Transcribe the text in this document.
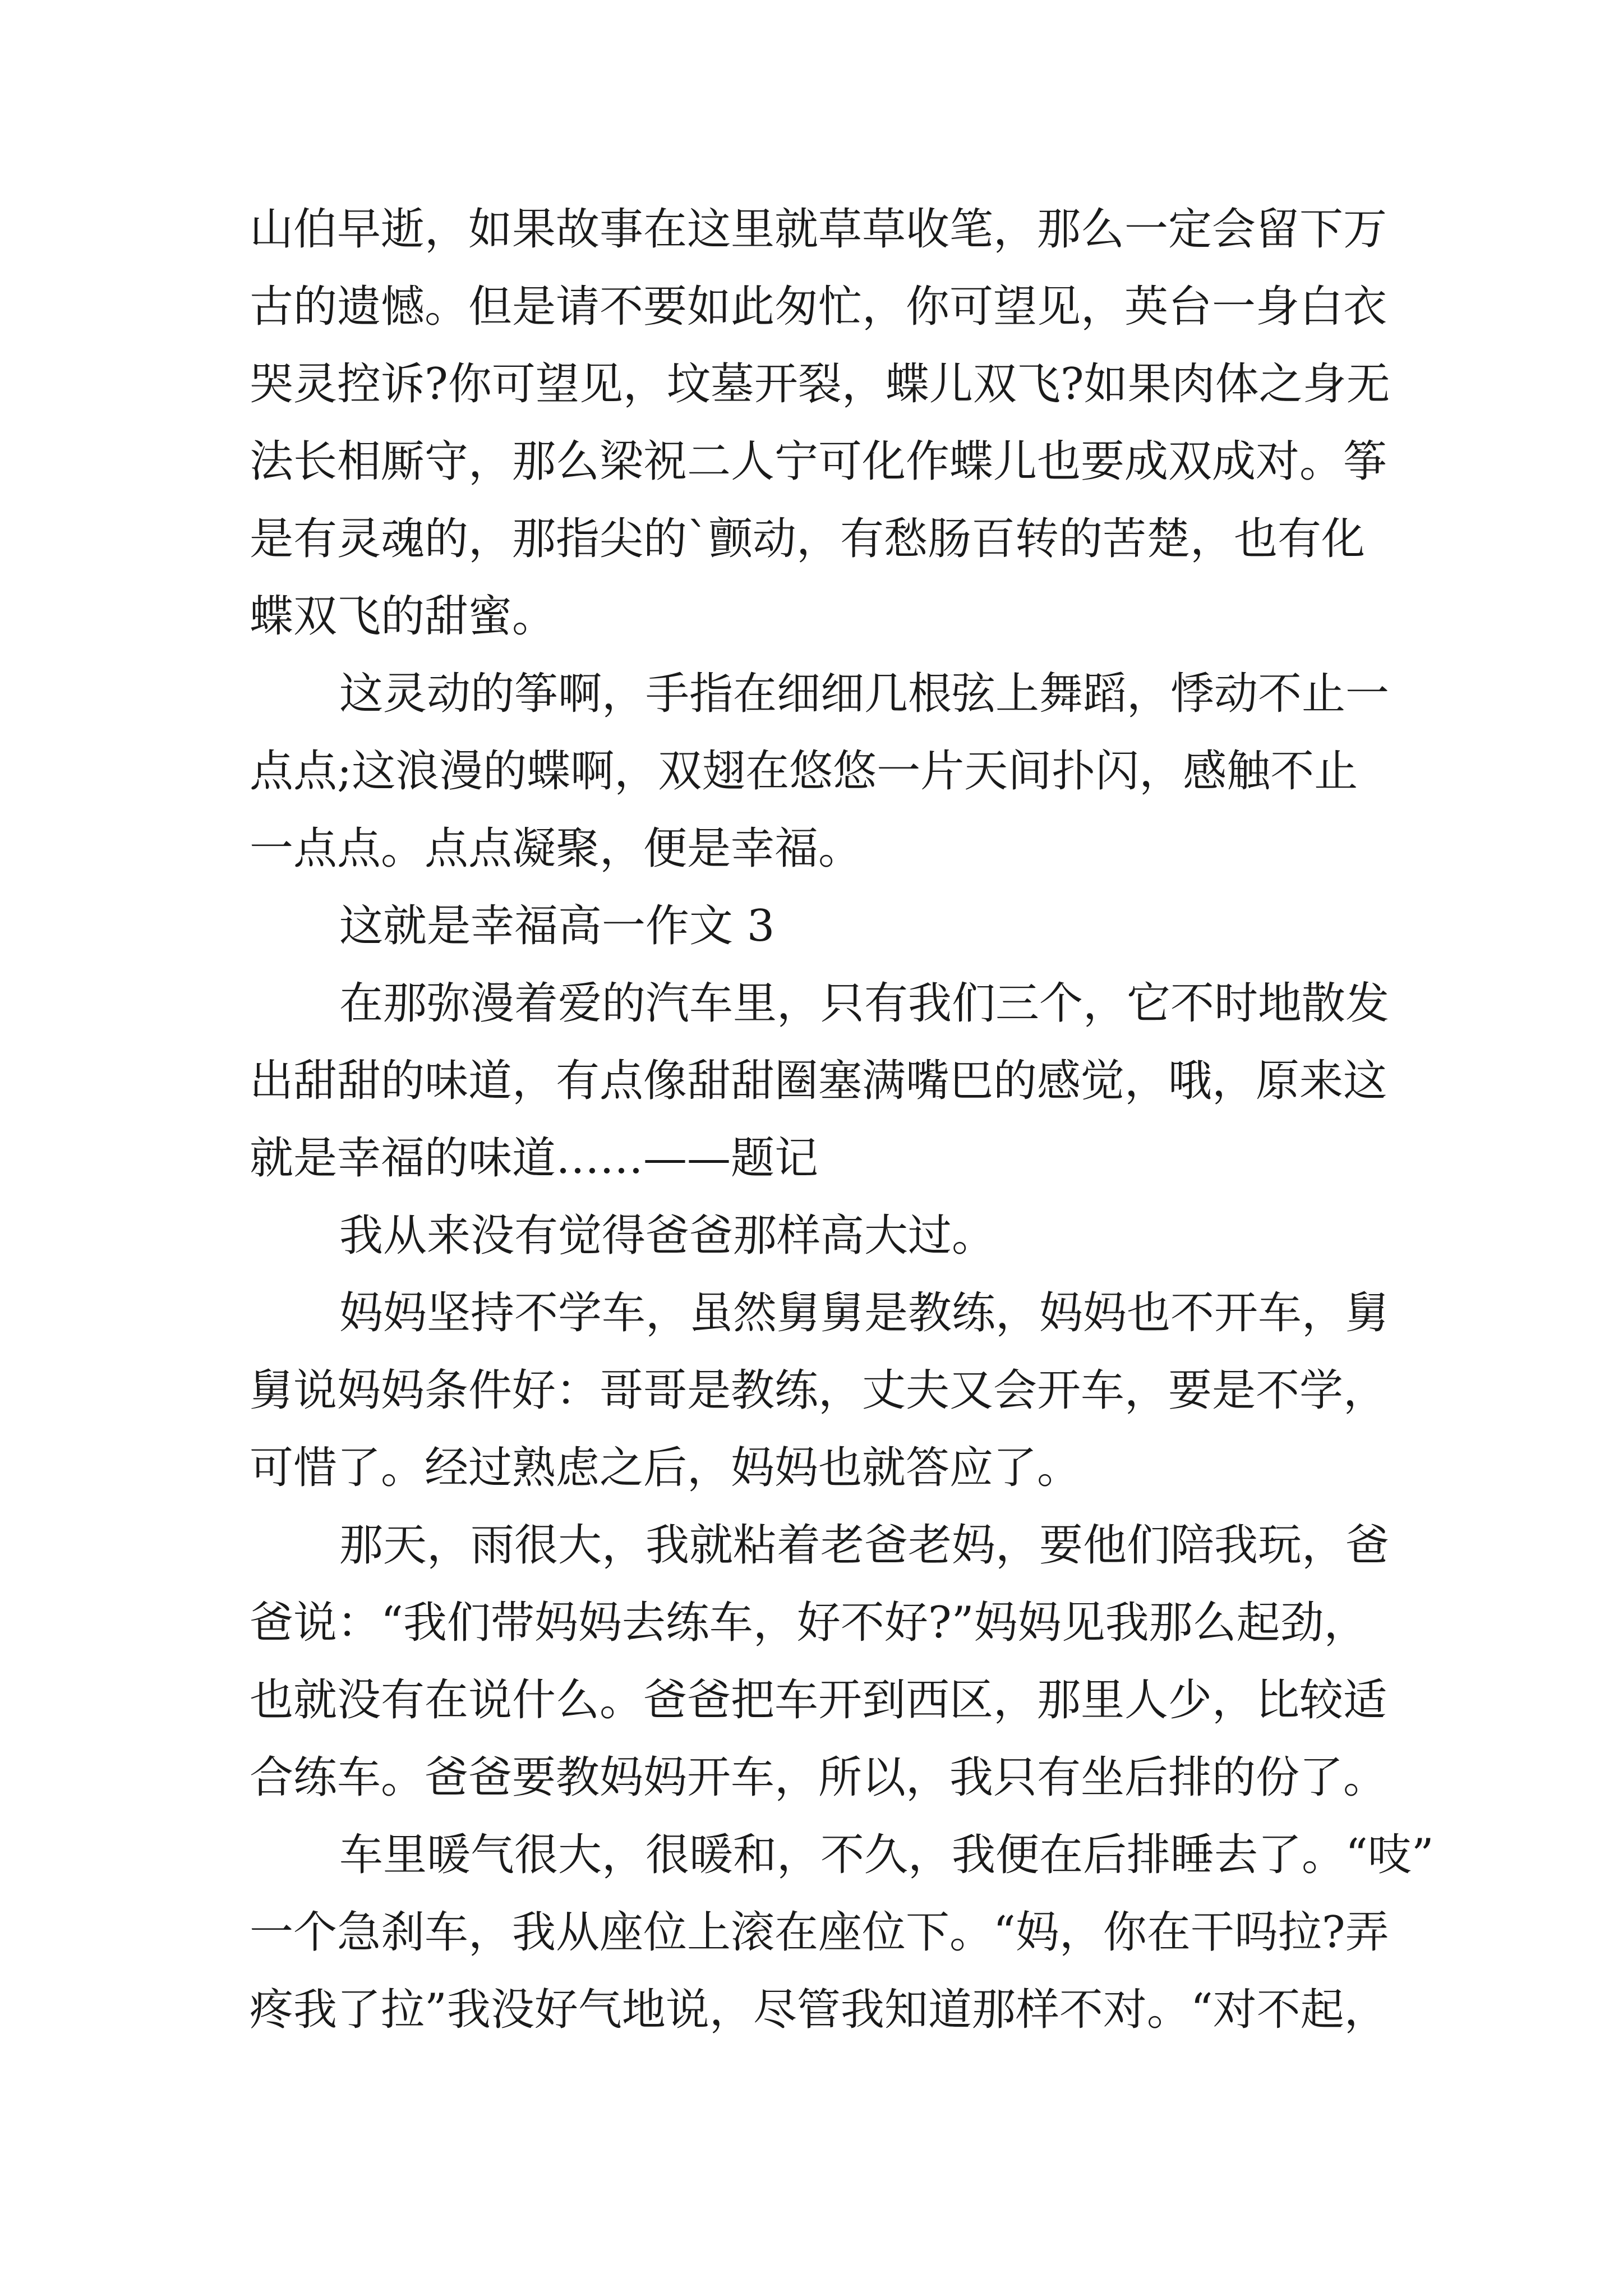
山伯早逝，如果故事在这里就草草收笔，那么一定会留下万
古的遗憾。但是请不要如此匆忙，你可望见，英台一身白衣
哭灵控诉?你可望见，坟墓开裂，蝶儿双飞?如果肉体之身无
法长相厮守，那么梁祝二人宁可化作蝶儿也要成双成对。筝
是有灵魂的，那指尖的`颤动，有愁肠百转的苦楚，也有化
蝶双飞的甜蜜。
这灵动的筝啊，手指在细细几根弦上舞蹈，悸动不止一
点点;这浪漫的蝶啊，双翅在悠悠一片天间扑闪，感触不止
一点点。点点凝聚，便是幸福。
这就是幸福高一作文 3
在那弥漫着爱的汽车里，只有我们三个，它不时地散发
出甜甜的味道，有点像甜甜圈塞满嘴巴的感觉，哦，原来这
就是幸福的味道……——题记
我从来没有觉得爸爸那样高大过。
妈妈坚持不学车，虽然舅舅是教练，妈妈也不开车，舅
舅说妈妈条件好：哥哥是教练，丈夫又会开车，要是不学，
可惜了。经过熟虑之后，妈妈也就答应了。
那天，雨很大，我就粘着老爸老妈，要他们陪我玩，爸
爸说：“我们带妈妈去练车，好不好?”妈妈见我那么起劲，
也就没有在说什么。爸爸把车开到西区，那里人少，比较适
合练车。爸爸要教妈妈开车，所以，我只有坐后排的份了。
车里暖气很大，很暖和，不久，我便在后排睡去了。“吱”
一个急刹车，我从座位上滚在座位下。“妈，你在干吗拉?弄
疼我了拉”我没好气地说，尽管我知道那样不对。“对不起，
